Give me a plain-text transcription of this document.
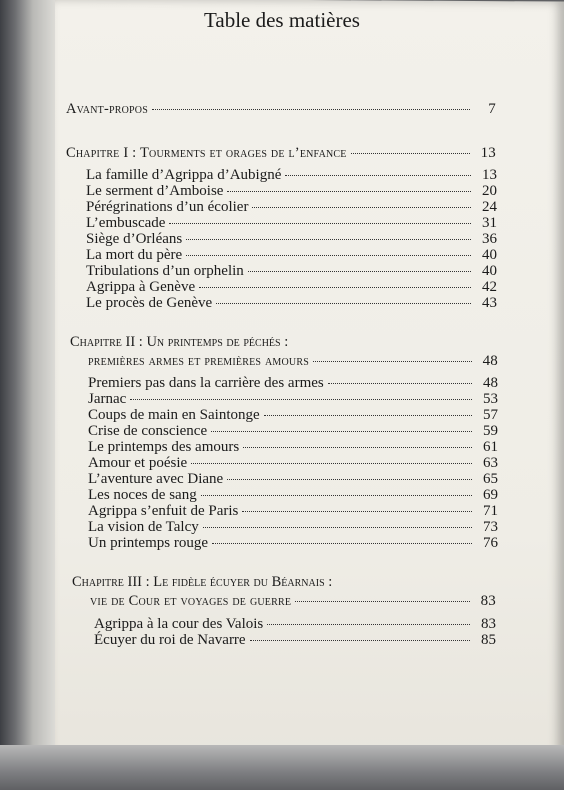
Table des matières
Avant-propos	7
Chapitre I : Tourments et orages de l’enfance	13
La famille d’Agrippa d’Aubigné	13
Le serment d’Amboise	20
Pérégrinations d’un écolier	24
L’embuscade	31
Siège d’Orléans	36
La mort du père	40
Tribulations d’un orphelin	40
Agrippa à Genève	42
Le procès de Genève	43
Chapitre II : Un printemps de péchés :
premières armes et premières amours	48
Premiers pas dans la carrière des armes	48
Jarnac	53
Coups de main en Saintonge	57
Crise de conscience	59
Le printemps des amours	61
Amour et poésie	63
L’aventure avec Diane	65
Les noces de sang	69
Agrippa s’enfuit de Paris	71
La vision de Talcy	73
Un printemps rouge	76
Chapitre III : Le fidèle écuyer du Béarnais :
vie de Cour et voyages de guerre	83
Agrippa à la cour des Valois	83
Écuyer du roi de Navarre	85
